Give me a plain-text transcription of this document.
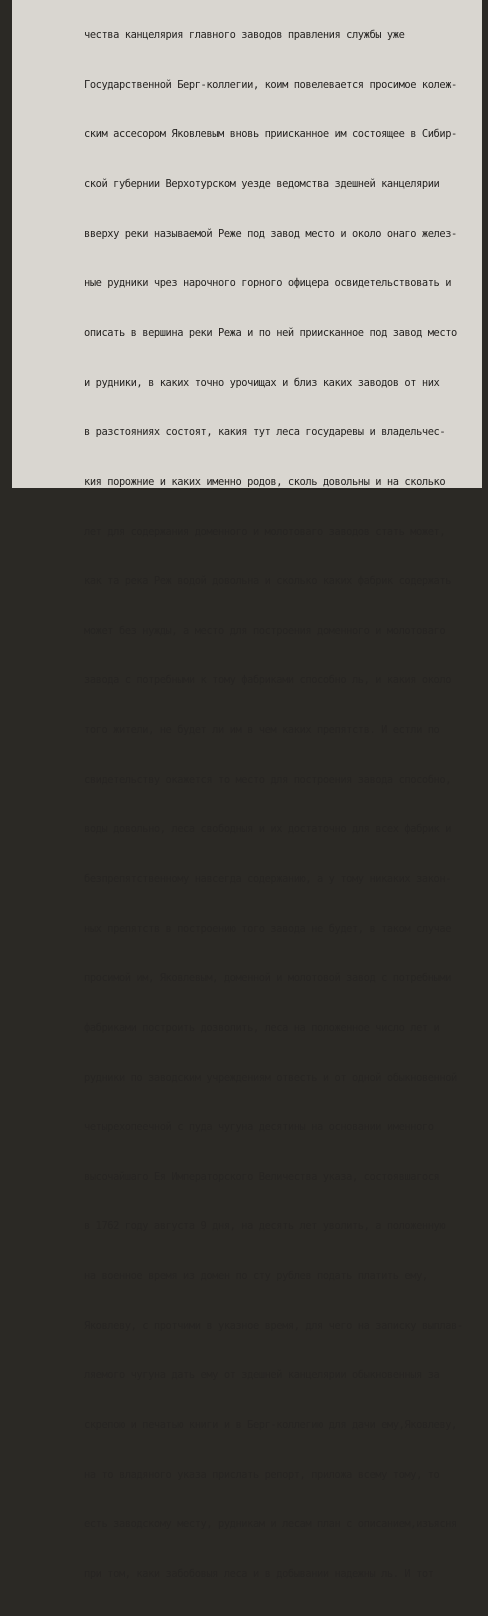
чества канцелярия главного заводов правления службы уже

Государственной Берг-коллегии, коим повелевается просимое колеж-

ским ассесором Яковлевым вновь приисканное им состоящее в Сибир-

ской губернии Верхотурском уезде ведомства здешней канцелярии

вверху реки называемой Реже под завод место и около онаго желез-

ные рудники чрез нарочного горного офицера освидетельствовать и

описать в вершина реки Режа и по ней приисканное под завод место

и рудники, в каких точно урочищах и близ каких заводов от них

в разстояниях состоят, какия тут леса государевы и владельчес-

кия порожние и каких именно родов, сколь довольны и на сколько

лет для содержания доменного и молотоваго заводов стать может,

как та река Реж водой довольна и сколько каких фабрик содержать

может без нужды, а место для построения доменного и молотоваго

завода с потребными к тому фабриками способно ль, и какия около

того жители, не будет ли им в чем каких препятств. И естли по

свидетельству окажется то место для построения завода способно,

воды довольно, леса свободныя и их достаточно для всех фабрик и

безпрепятственному навсегда содержанию, а у тому никаких закон-

ных препятств в построению того завода не будет, в таком случае

просимой им, Яковлевым, доменной и молотовой завод с потребными

фабриками построить дозволить, леса на положенное число лет и

рудники по заводским учреждениям отвесть и от одной обыкновенной

четырехопеечной с пуда чугуна десятины на основании именного

высочайшаго Ея Императорского Величества указа, состоявшагося

в 1762 году августа 9 дня, на десять лет уволить, а положенную

на военное время из домен по сту рублев подать платить ему,

Яковлеву, с протчими в указное время, для чего на записку выплав-

ляемого чугуна дать ему от здешней канцелярии обыкновенныя за

скрепою и печатью книги и в Берг-коллегию для дачи ему,Яковлеву,

на то владяного указа прислать репорт, приложа всему тому, то

есть заводскому месту, рудникам и лесам план с описанием,изъясня

при том, каки забобовыя леса и в добывании надежны ль. И тот
